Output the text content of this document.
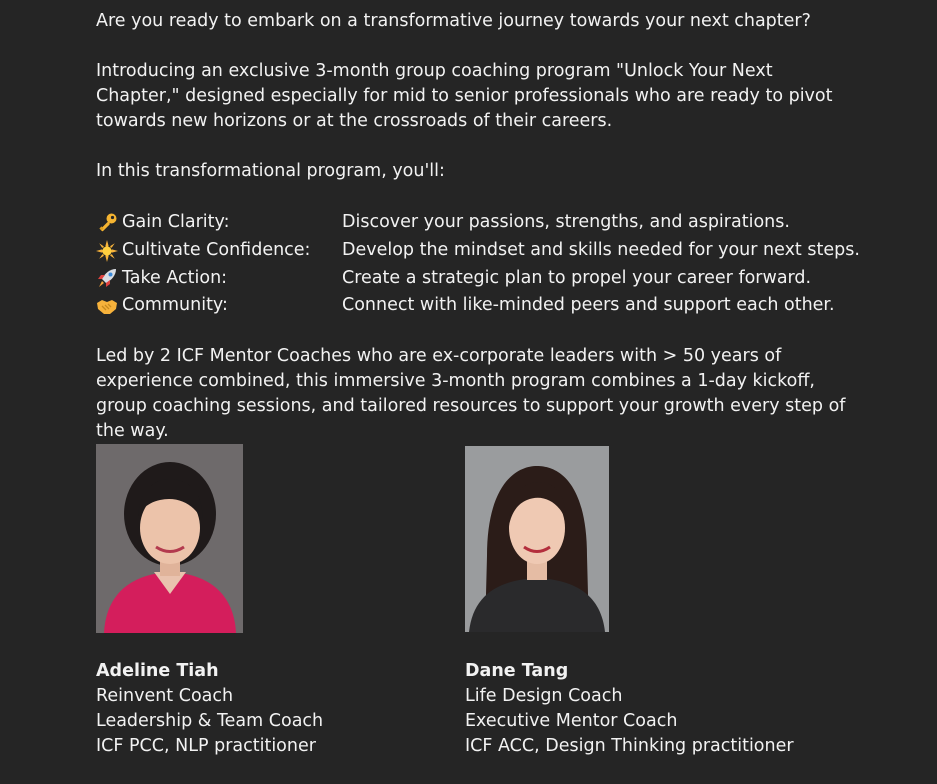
Are you ready to embark on a transformative journey towards your next chapter?

Introducing an exclusive 3-month group coaching program "Unlock Your Next Chapter," designed especially for mid to senior professionals who are ready to pivot towards new horizons or at the crossroads of their careers.

In this transformational program, you'll:

Gain Clarity:	Discover your passions, strengths, and aspirations.
Cultivate Confidence: Develop the mindset and skills needed for your next steps.
Take Action:	Create a strategic plan to propel your career forward.
Community:	Connect with like-minded peers and support each other.

Led by 2 ICF Mentor Coaches who are ex-corporate leaders with > 50 years of experience combined, this immersive 3-month program combines a 1-day kickoff, group coaching sessions, and tailored resources to support your growth every step of the way.

Adeline Tiah
Reinvent Coach
Leadership & Team Coach
ICF PCC, NLP practitioner
Dane Tang
Life Design Coach
Executive Mentor Coach
ICF ACC, Design Thinking practitioner
